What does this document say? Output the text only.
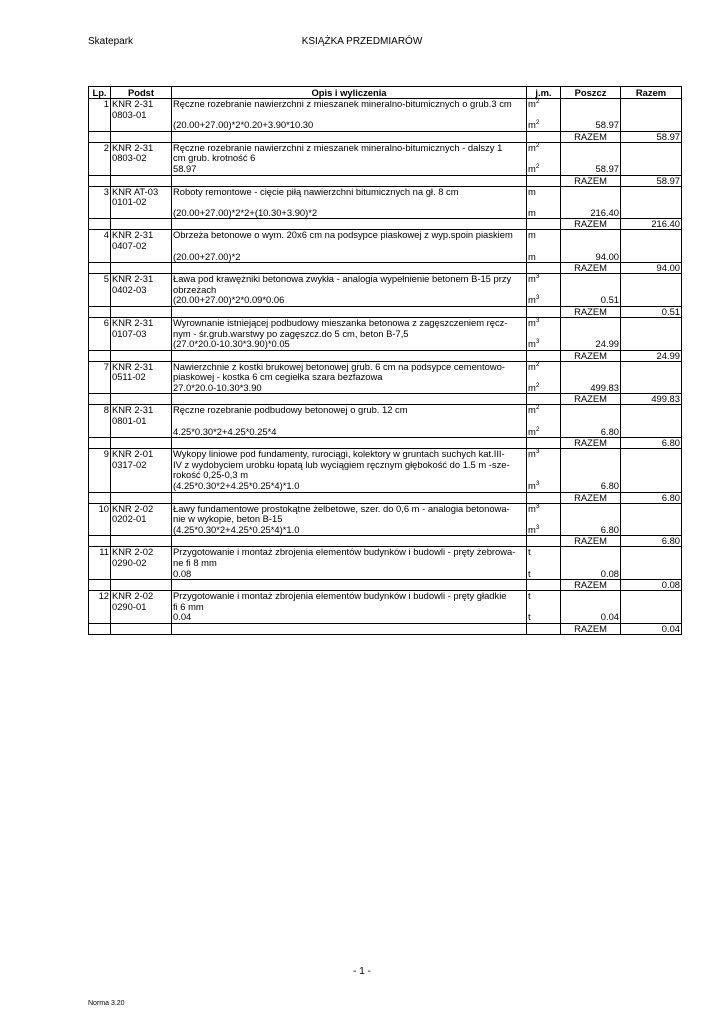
Skatepark	KSIĄŻKA PRZEDMIARÓW
Lp.	Podst	Opis i wyliczenia	j.m.	Poszcz	Razem
1	KNR 2-31	Ręczne rozebranie nawierzchni z mieszanek mineralno-bitumicznych o grub.3 cm	$m^2$		
	0803-01				
		(20.00+27.00)*2*0.20+3.90*10.30	$m^2$	58.97	
				RAZEM	58.97
2	KNR 2-31	Ręczne rozebranie nawierzchni z mieszanek mineralno-bitumicznych - dalszy 1	$m^2$		
	0803-02	cm grub. krotność 6			
		58.97	$m^2$	58.97	
				RAZEM	58.97
3	KNR AT-03	Roboty remontowe - cięcie piłą nawierzchni bitumicznych na gł. 8 cm	m		
	0101-02				
		(20.00+27.00)*2*2+(10.30+3.90)*2	m	216.40	
				RAZEM	216.40
4	KNR 2-31	Obrzeża betonowe o wym. 20x6 cm na podsypce piaskowej z wyp.spoin piaskiem	m		
	0407-02				
		(20.00+27.00)*2	m	94.00	
				RAZEM	94.00
5	KNR 2-31	Ława pod krawężniki betonowa zwykła - analogia wypełnienie betonem B-15 przy	$m^3$		
	0402-03	obrzeżach			
		(20.00+27.00)*2*0.09*0.06	$m^3$	0.51	
				RAZEM	0.51
6	KNR 2-31	Wyrownanie istniejącej podbudowy mieszanka betonowa z zagęszczeniem ręcz-	$m^3$		
	0107-03	nym - śr.grub.warstwy po zagęszcz.do 5 cm, beton B-7,5			
		(27.0*20.0-10.30*3.90)*0.05	$m^3$	24.99	
				RAZEM	24.99
7	KNR 2-31	Nawierzchnie z kostki brukowej betonowej grub. 6 cm na podsypce cementowo-	$m^2$		
	0511-02	piaskowej - kostka 6 cm cegiełka szara bezfazowa			
		27.0*20.0-10.30*3.90	$m^2$	499.83	
				RAZEM	499.83
8	KNR 2-31	Ręczne rozebranie podbudowy betonowej o grub. 12 cm	$m^2$		
	0801-01				
		4.25*0.30*2+4.25*0.25*4	$m^2$	6.80	
				RAZEM	6.80
9	KNR 2-01	Wykopy liniowe pod fundamenty, rurociągi, kolektory w gruntach suchych kat.III-	$m^3$		
	0317-02	IV z wydobyciem urobku łopatą lub wyciągiem ręcznym głębokość do 1.5 m -sze-			
		rokość 0,25-0,3 m			
		(4.25*0.30*2+4.25*0.25*4)*1.0	$m^3$	6.80	
				RAZEM	6.80
10	KNR 2-02	Ławy fundamentowe prostokątne żelbetowe, szer. do 0,6 m - analogia betonowa-	$m^3$		
	0202-01	nie w wykopie, beton B-15			
		(4.25*0.30*2+4.25*0.25*4)*1.0	$m^3$	6.80	
				RAZEM	6.80
11	KNR 2-02	Przygotowanie i montaż zbrojenia elementów budynków i budowli - pręty żebrowa-	t		
	0290-02	ne fi 8 mm			
		0.08	t	0.08	
				RAZEM	0.08
12	KNR 2-02	Przygotowanie i montaż zbrojenia elementów budynków i budowli - pręty gładkie	t		
	0290-01	fi 6 mm			
		0.04	t	0.04	
				RAZEM	0.04
- 1 -
Norma 3.20
